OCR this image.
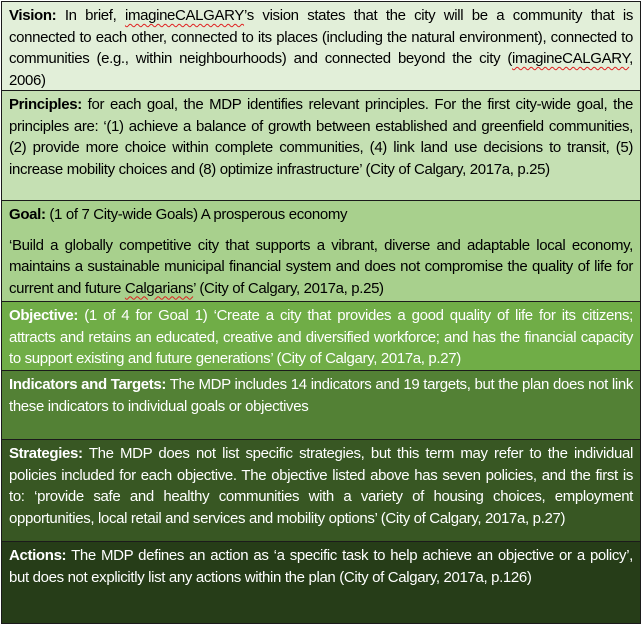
Vision: In brief, imagineCALGARY’s vision states that the city will be a community that is connected to each other, connected to its places (including the natural environment), connected to communities (e.g., within neighbourhoods) and connected beyond the city (imagineCALGARY, 2006)

Principles: for each goal, the MDP identifies relevant principles. For the first city-wide goal, the principles are: ‘(1) achieve a balance of growth between established and greenfield communities, (2) provide more choice within complete communities, (4) link land use decisions to transit, (5) increase mobility choices and (8) optimize infrastructure’ (City of Calgary, 2017a, p.25)

Goal: (1 of 7 City-wide Goals) A prosperous economy

‘Build a globally competitive city that supports a vibrant, diverse and adaptable local economy, maintains a sustainable municipal financial system and does not compromise the quality of life for current and future Calgarians’ (City of Calgary, 2017a, p.25)

Objective: (1 of 4 for Goal 1) ‘Create a city that provides a good quality of life for its citizens; attracts and retains an educated, creative and diversified workforce; and has the financial capacity to support existing and future generations’ (City of Calgary, 2017a, p.27)

Indicators and Targets: The MDP includes 14 indicators and 19 targets, but the plan does not link these indicators to individual goals or objectives

Strategies: The MDP does not list specific strategies, but this term may refer to the individual policies included for each objective. The objective listed above has seven policies, and the first is to: ‘provide safe and healthy communities with a variety of housing choices, employment opportunities, local retail and services and mobility options’ (City of Calgary, 2017a, p.27)

Actions: The MDP defines an action as ‘a specific task to help achieve an objective or a policy’, but does not explicitly list any actions within the plan (City of Calgary, 2017a, p.126)
